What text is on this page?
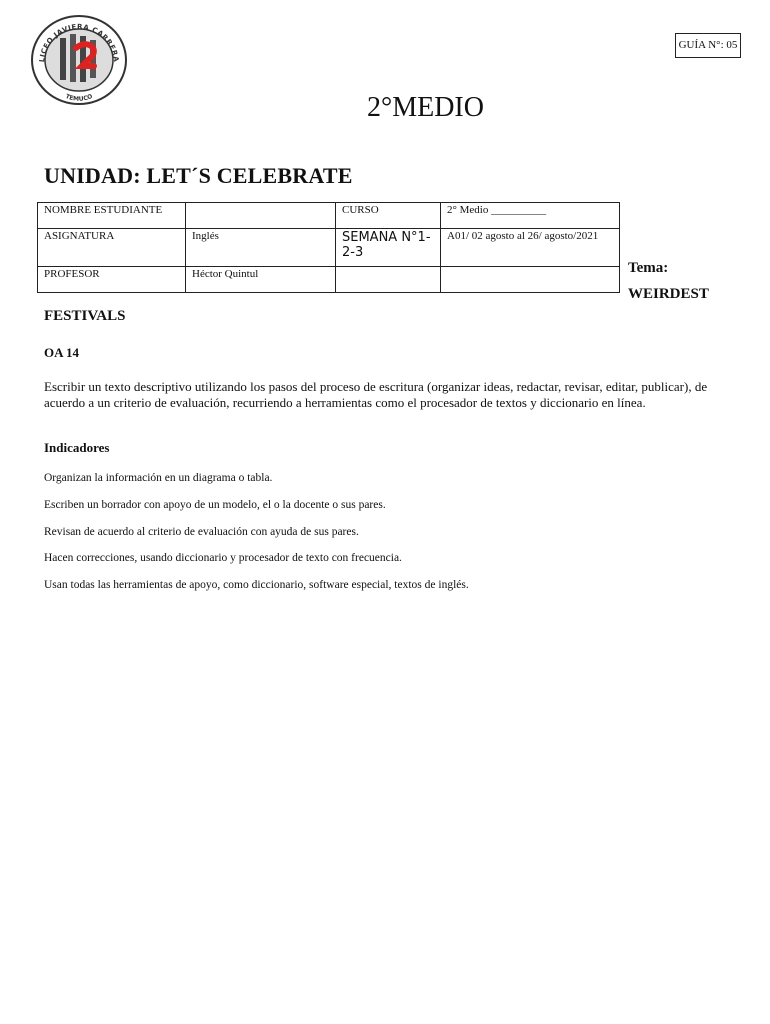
LICEO JAVIERA CARRERA
TEMUCO
GUÍA N°: 05
2°MEDIO
UNIDAD: LET´S CELEBRATE
NOMBRE ESTUDIANTE		CURSO	2° Medio __________
ASIGNATURA	Inglés	SEMANA N°1-2-3	A01/ 02 agosto al 26/ agosto/2021
PROFESOR	Héctor Quintul			Tema:
WEIRDEST
FESTIVALS
OA 14

Escribir un texto descriptivo utilizando los pasos del proceso de escritura (organizar ideas, redactar, revisar, editar, publicar), de acuerdo a un criterio de evaluación, recurriendo a herramientas como el procesador de textos y diccionario en línea.

Indicadores

Organizan la información en un diagrama o tabla.

Escriben un borrador con apoyo de un modelo, el o la docente o sus pares.

Revisan de acuerdo al criterio de evaluación con ayuda de sus pares.

Hacen correcciones, usando diccionario y procesador de texto con frecuencia.

Usan todas las herramientas de apoyo, como diccionario, software especial, textos de inglés.
